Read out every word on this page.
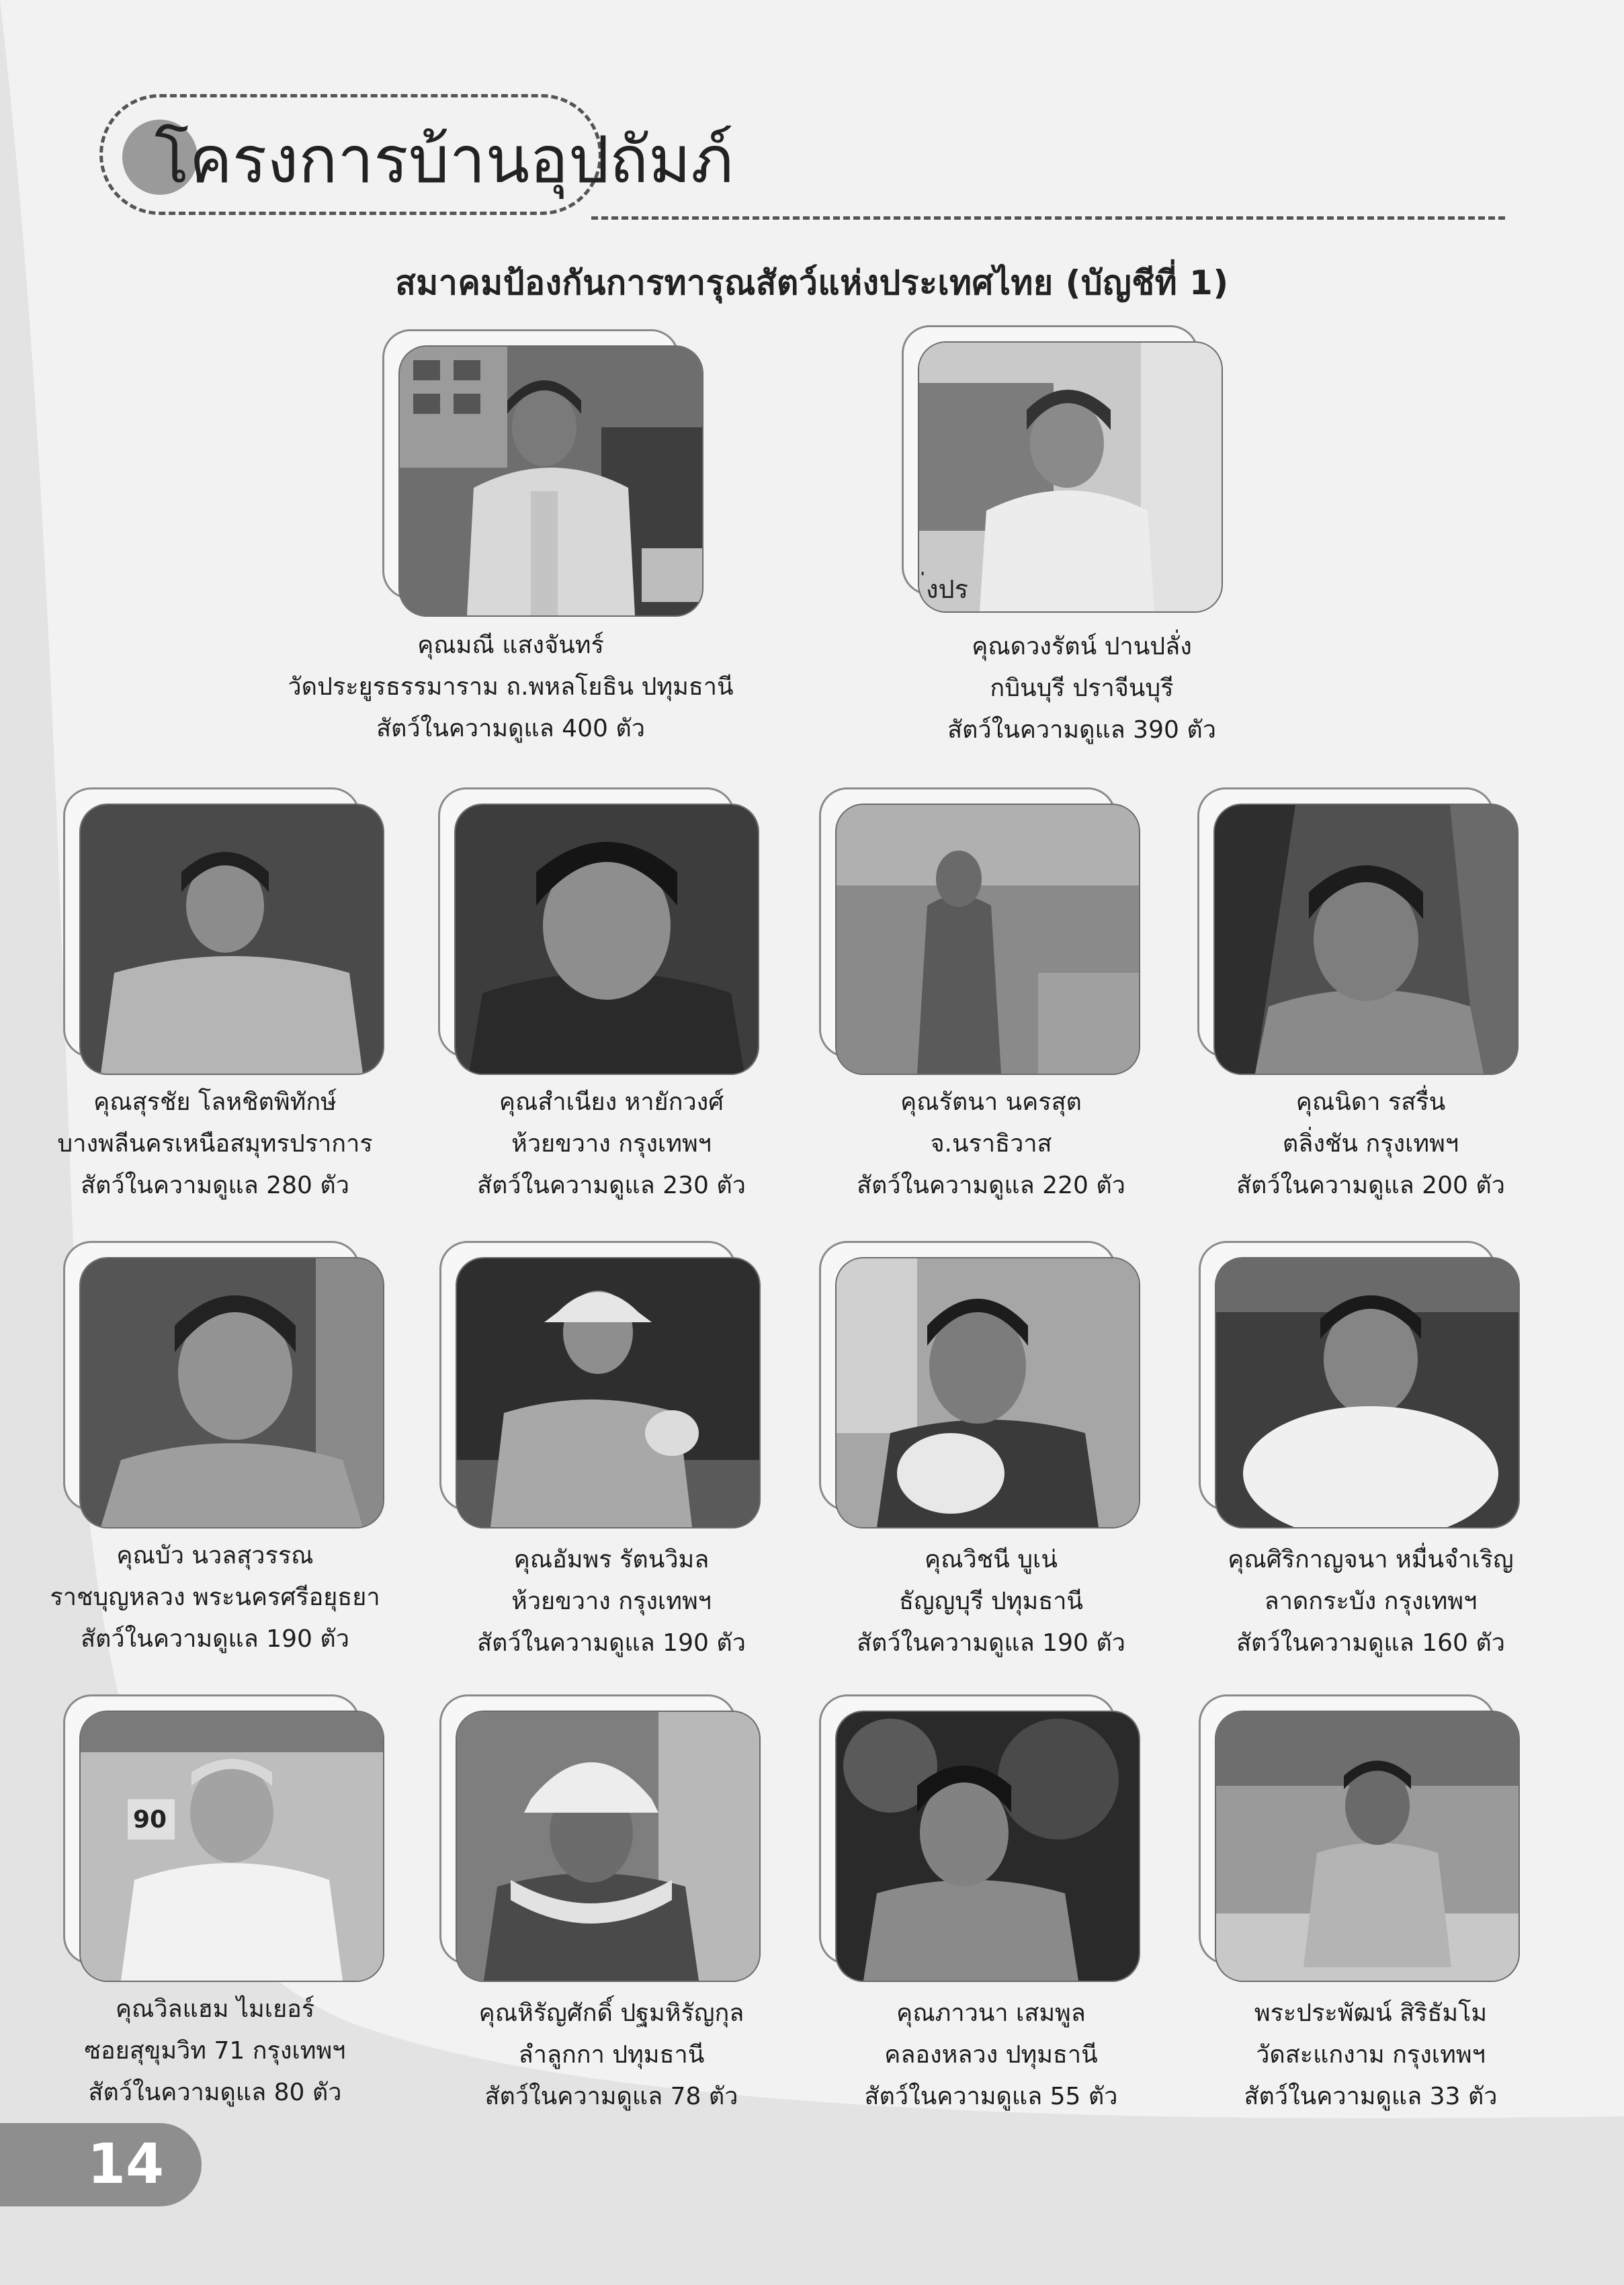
โครงการบ้านอุปถัมภ์
สมาคมป้องกันการทารุณสัตว์แห่งประเทศไทย (บัญชีที่ 1)
คุณมณี แสงจันทร์
วัดประยูรธรรมาราม ถ.พหลโยธิน ปทุมธานี
สัตว์ในความดูแล 400 ตัว
่งปร
คุณดวงรัตน์ ปานปลั่ง
กบินบุรี ปราจีนบุรี
สัตว์ในความดูแล 390 ตัว
คุณสุรชัย โลหชิตพิทักษ์
บางพลีนครเหนือสมุทรปราการ
สัตว์ในความดูแล 280 ตัว
คุณสำเนียง หายักวงศ์
ห้วยขวาง กรุงเทพฯ
สัตว์ในความดูแล 230 ตัว
คุณรัตนา นครสุต
จ.นราธิวาส
สัตว์ในความดูแล 220 ตัว
คุณนิดา รสรื่น
ตลิ่งชัน กรุงเทพฯ
สัตว์ในความดูแล 200 ตัว
คุณบัว นวลสุวรรณ
ราชบุญหลวง พระนครศรีอยุธยา
สัตว์ในความดูแล 190 ตัว
คุณอัมพร รัตนวิมล
ห้วยขวาง กรุงเทพฯ
สัตว์ในความดูแล 190 ตัว
คุณวิชนี บูเน่
ธัญญบุรี ปทุมธานี
สัตว์ในความดูแล 190 ตัว
คุณศิริกาญจนา หมื่นจำเริญ
ลาดกระบัง กรุงเทพฯ
สัตว์ในความดูแล 160 ตัว
90
คุณวิลแฮม ไมเยอร์
ซอยสุขุมวิท 71 กรุงเทพฯ
สัตว์ในความดูแล 80 ตัว
คุณหิรัญศักดิ์ ปฐมหิรัญกุล
ลำลูกกา ปทุมธานี
สัตว์ในความดูแล 78 ตัว
คุณภาวนา เสมพูล
คลองหลวง ปทุมธานี
สัตว์ในความดูแล 55 ตัว
พระประพัฒน์ สิริธัมโม
วัดสะแกงาม กรุงเทพฯ
สัตว์ในความดูแล 33 ตัว
14
